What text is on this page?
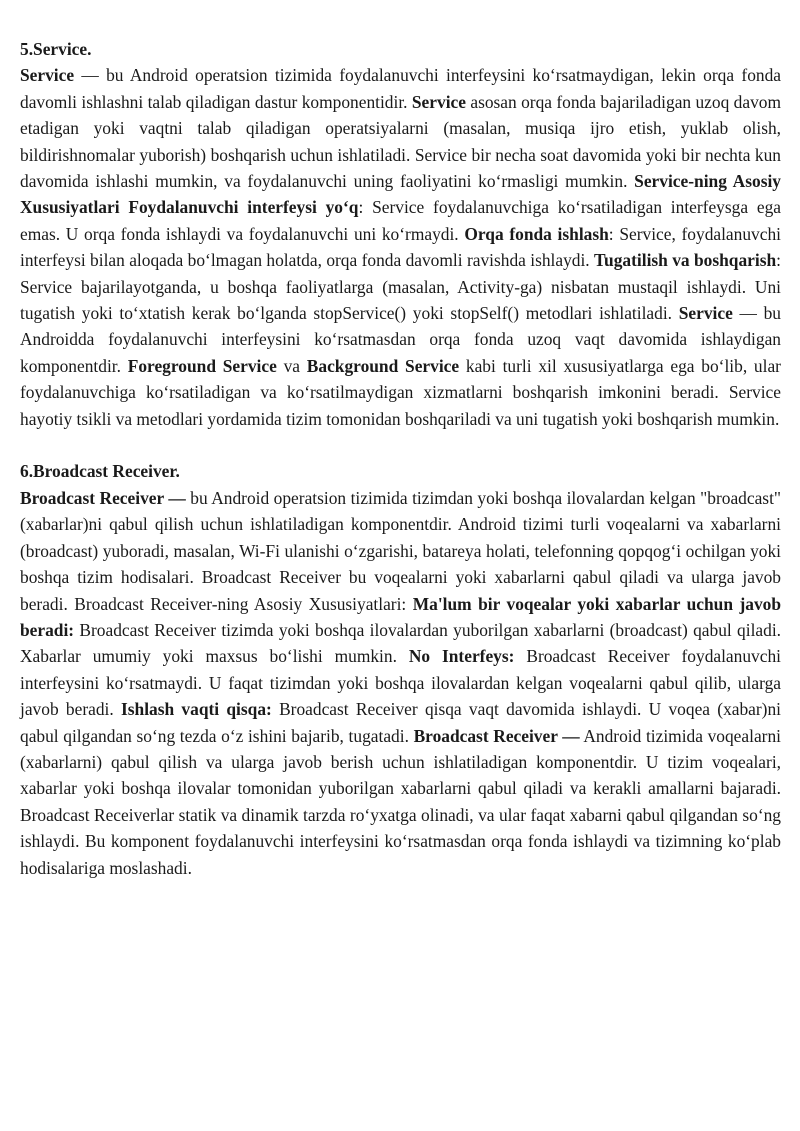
5.Service.

Service — bu Android operatsion tizimida foydalanuvchi interfeysini koʻrsatmaydigan, lekin orqa fonda davomli ishlashni talab qiladigan dastur komponentidir. Service asosan orqa fonda bajariladigan uzoq davom etadigan yoki vaqtni talab qiladigan operatsiyalarni (masalan, musiqa ijro etish, yuklab olish, bildirishnomalar yuborish) boshqarish uchun ishlatiladi. Service bir necha soat davomida yoki bir nechta kun davomida ishlashi mumkin, va foydalanuvchi uning faoliyatini koʻrmasligi mumkin. Service-ning Asosiy Xususiyatlari Foydalanuvchi interfeysi yoʻq: Service foydalanuvchiga koʻrsatiladigan interfeysga ega emas. U orqa fonda ishlaydi va foydalanuvchi uni koʻrmaydi. Orqa fonda ishlash: Service, foydalanuvchi interfeysi bilan aloqada boʻlmagan holatda, orqa fonda davomli ravishda ishlaydi. Tugatilish va boshqarish: Service bajarilayotganda, u boshqa faoliyatlarga (masalan, Activity-ga) nisbatan mustaqil ishlaydi. Uni tugatish yoki toʻxtatish kerak boʻlganda stopService() yoki stopSelf() metodlari ishlatiladi. Service — bu Androidda foydalanuvchi interfeysini koʻrsatmasdan orqa fonda uzoq vaqt davomida ishlaydigan komponentdir. Foreground Service va Background Service kabi turli xil xususiyatlarga ega boʻlib, ular foydalanuvchiga koʻrsatiladigan va koʻrsatilmaydigan xizmatlarni boshqarish imkonini beradi. Service hayotiy tsikli va metodlari yordamida tizim tomonidan boshqariladi va uni tugatish yoki boshqarish mumkin.

6.Broadcast Receiver.

Broadcast Receiver — bu Android operatsion tizimida tizimdan yoki boshqa ilovalardan kelgan "broadcast" (xabarlar)ni qabul qilish uchun ishlatiladigan komponentdir. Android tizimi turli voqealarni va xabarlarni (broadcast) yuboradi, masalan, Wi-Fi ulanishi oʻzgarishi, batareya holati, telefonning qopqogʻi ochilgan yoki boshqa tizim hodisalari. Broadcast Receiver bu voqealarni yoki xabarlarni qabul qiladi va ularga javob beradi. Broadcast Receiver-ning Asosiy Xususiyatlari: Ma'lum bir voqealar yoki xabarlar uchun javob beradi: Broadcast Receiver tizimda yoki boshqa ilovalardan yuborilgan xabarlarni (broadcast) qabul qiladi. Xabarlar umumiy yoki maxsus boʻlishi mumkin. No Interfeys: Broadcast Receiver foydalanuvchi interfeysini koʻrsatmaydi. U faqat tizimdan yoki boshqa ilovalardan kelgan voqealarni qabul qilib, ularga javob beradi. Ishlash vaqti qisqa: Broadcast Receiver qisqa vaqt davomida ishlaydi. U voqea (xabar)ni qabul qilgandan soʻng tezda oʻz ishini bajarib, tugatadi. Broadcast Receiver — Android tizimida voqealarni (xabarlarni) qabul qilish va ularga javob berish uchun ishlatiladigan komponentdir. U tizim voqealari, xabarlar yoki boshqa ilovalar tomonidan yuborilgan xabarlarni qabul qiladi va kerakli amallarni bajaradi. Broadcast Receiverlar statik va dinamik tarzda roʻyxatga olinadi, va ular faqat xabarni qabul qilgandan soʻng ishlaydi. Bu komponent foydalanuvchi interfeysini koʻrsatmasdan orqa fonda ishlaydi va tizimning koʻplab hodisalariga moslashadi.
